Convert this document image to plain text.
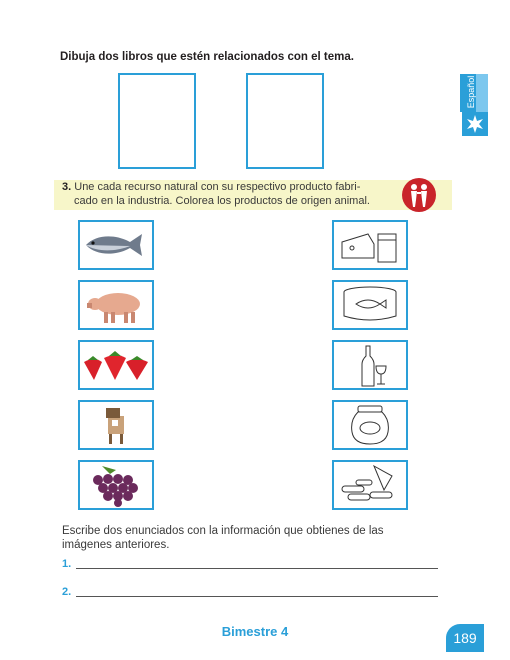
Dibuja dos libros que estén relacionados con el tema.
Español
3. Une cada recurso natural con su respectivo producto fabri-
cado en la industria. Colorea los productos de origen animal.
Escribe dos enunciados con la información que obtienes de las imágenes anteriores.
1.
2.
Bimestre 4	189
